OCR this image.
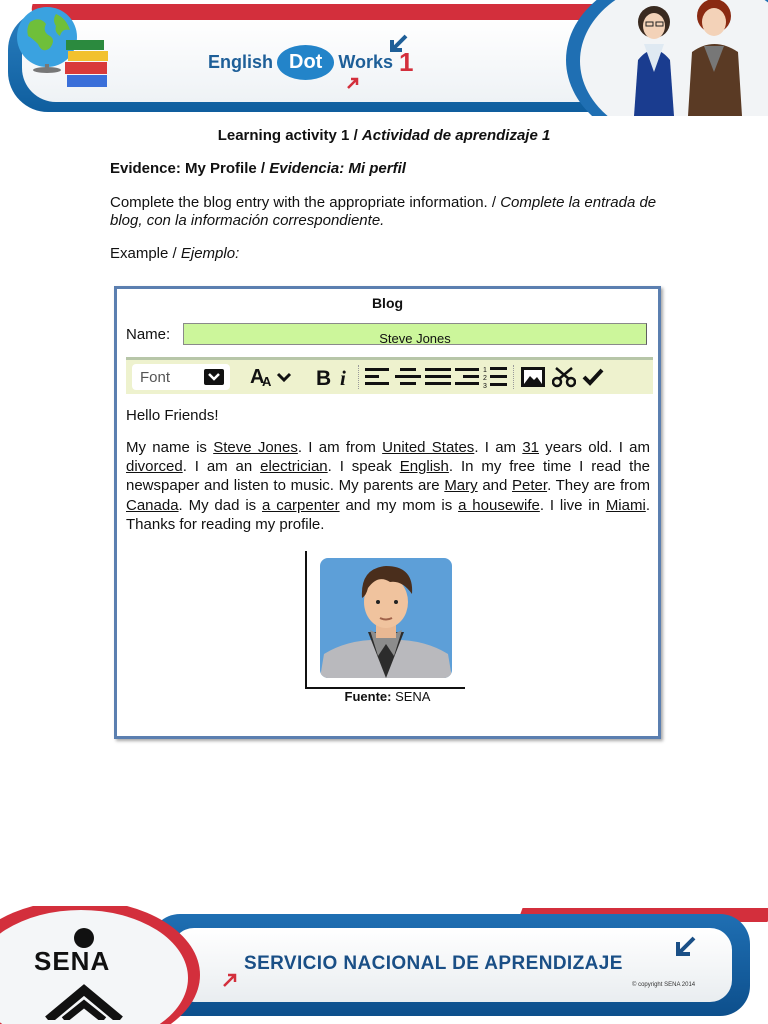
English Dot Works 1
Learning activity 1 / Actividad de aprendizaje 1
Evidence: My Profile / Evidencia: Mi perfil
Complete the blog entry with the appropriate information. / Complete la entrada de blog, con la información correspondiente.
Example / Ejemplo:
Blog
Name:	Steve Jones
Font	A
A B i	1
2
3
Hello Friends!
My name is Steve Jones. I am from United States. I am 31 years old. I am divorced. I am an electrician. I speak English. In my free time I read the newspaper and listen to music. My parents are Mary and Peter. They are from Canada. My dad is a carpenter and my mom is a housewife. I live in Miami. Thanks for reading my profile.
Fuente: SENA
SENA	SERVICIO NACIONAL DE APRENDIZAJE
© copyright SENA 2014
